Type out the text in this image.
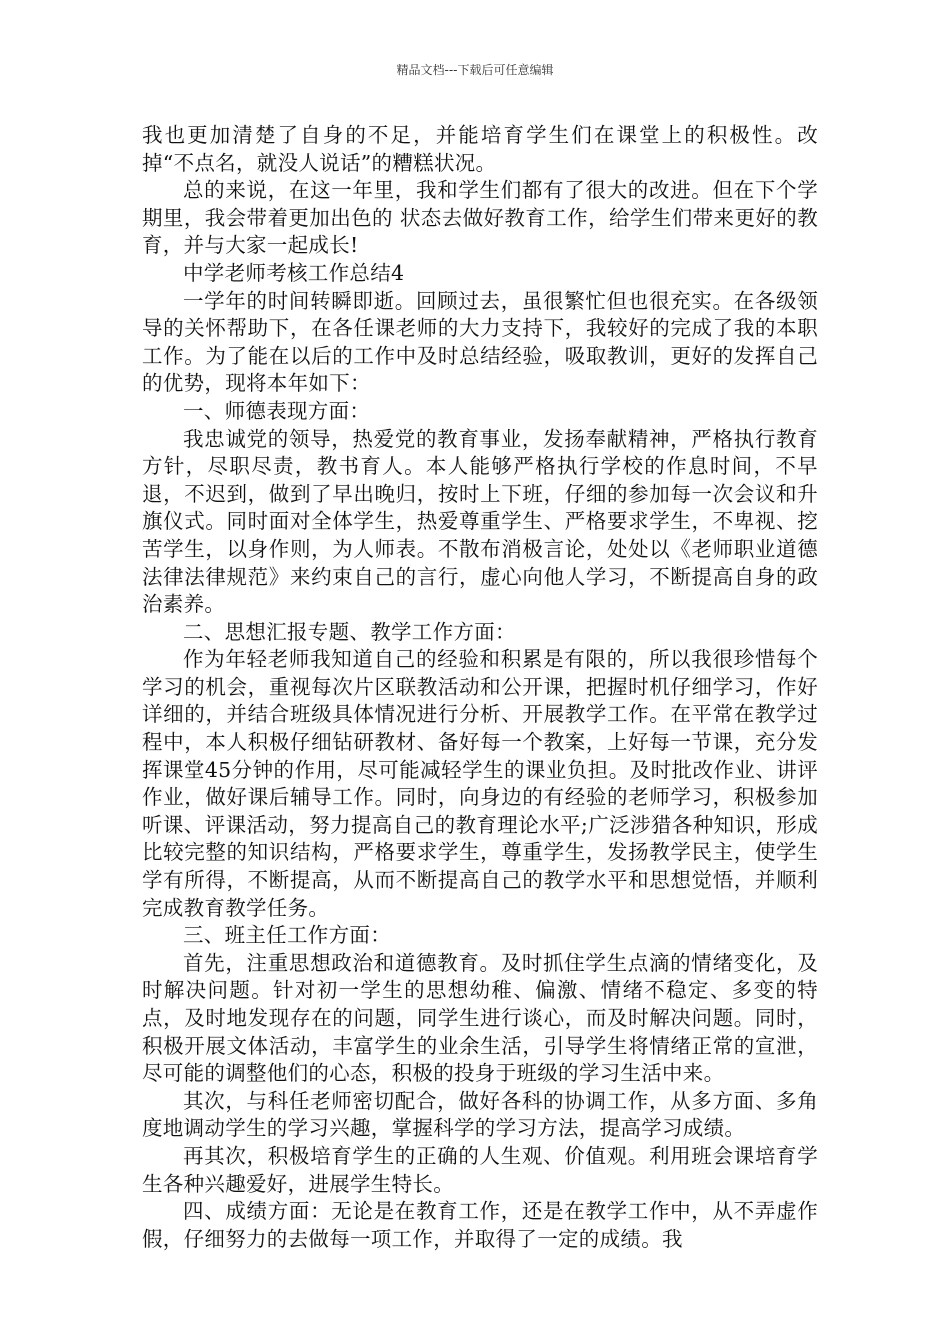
精品文档---下载后可任意编辑

我也更加清楚了自身的不足，并能培育学生们在课堂上的积极性。改掉“不点名，就没人说话”的糟糕状况。

总的来说，在这一年里，我和学生们都有了很大的改进。但在下个学期里，我会带着更加出色的 状态去做好教育工作，给学生们带来更好的教育，并与大家一起成长!

中学老师考核工作总结4

一学年的时间转瞬即逝。回顾过去，虽很繁忙但也很充实。在各级领导的关怀帮助下，在各任课老师的大力支持下，我较好的完成了我的本职工作。为了能在以后的工作中及时总结经验，吸取教训，更好的发挥自己的优势，现将本年如下：

一、师德表现方面：

我忠诚党的领导，热爱党的教育事业，发扬奉献精神，严格执行教育方针，尽职尽责，教书育人。本人能够严格执行学校的作息时间，不早退，不迟到，做到了早出晚归，按时上下班，仔细的参加每一次会议和升旗仪式。同时面对全体学生，热爱尊重学生、严格要求学生，不卑视、挖苦学生，以身作则，为人师表。不散布消极言论，处处以《老师职业道德法律法律规范》来约束自己的言行，虚心向他人学习，不断提高自身的政治素养。

二、思想汇报专题、教学工作方面：

作为年轻老师我知道自己的经验和积累是有限的，所以我很珍惜每个学习的机会，重视每次片区联教活动和公开课，把握时机仔细学习，作好详细的，并结合班级具体情况进行分析、开展教学工作。在平常在教学过程中，本人积极仔细钻研教材、备好每一个教案，上好每一节课，充分发挥课堂45分钟的作用，尽可能减轻学生的课业负担。及时批改作业、讲评作业，做好课后辅导工作。同时，向身边的有经验的老师学习，积极参加听课、评课活动，努力提高自己的教育理论水平;广泛涉猎各种知识，形成比较完整的知识结构，严格要求学生，尊重学生，发扬教学民主，使学生学有所得，不断提高，从而不断提高自己的教学水平和思想觉悟，并顺利完成教育教学任务。

三、班主任工作方面：

首先，注重思想政治和道德教育。及时抓住学生点滴的情绪变化，及时解决问题。针对初一学生的思想幼稚、偏激、情绪不稳定、多变的特点，及时地发现存在的问题，同学生进行谈心，而及时解决问题。同时，积极开展文体活动，丰富学生的业余生活，引导学生将情绪正常的宣泄，尽可能的调整他们的心态，积极的投身于班级的学习生活中来。

其次，与科任老师密切配合，做好各科的协调工作，从多方面、多角度地调动学生的学习兴趣，掌握科学的学习方法，提高学习成绩。

再其次，积极培育学生的正确的人生观、价值观。利用班会课培育学生各种兴趣爱好，进展学生特长。

四、成绩方面：无论是在教育工作，还是在教学工作中，从不弄虚作假，仔细努力的去做每一项工作，并取得了一定的成绩。我
